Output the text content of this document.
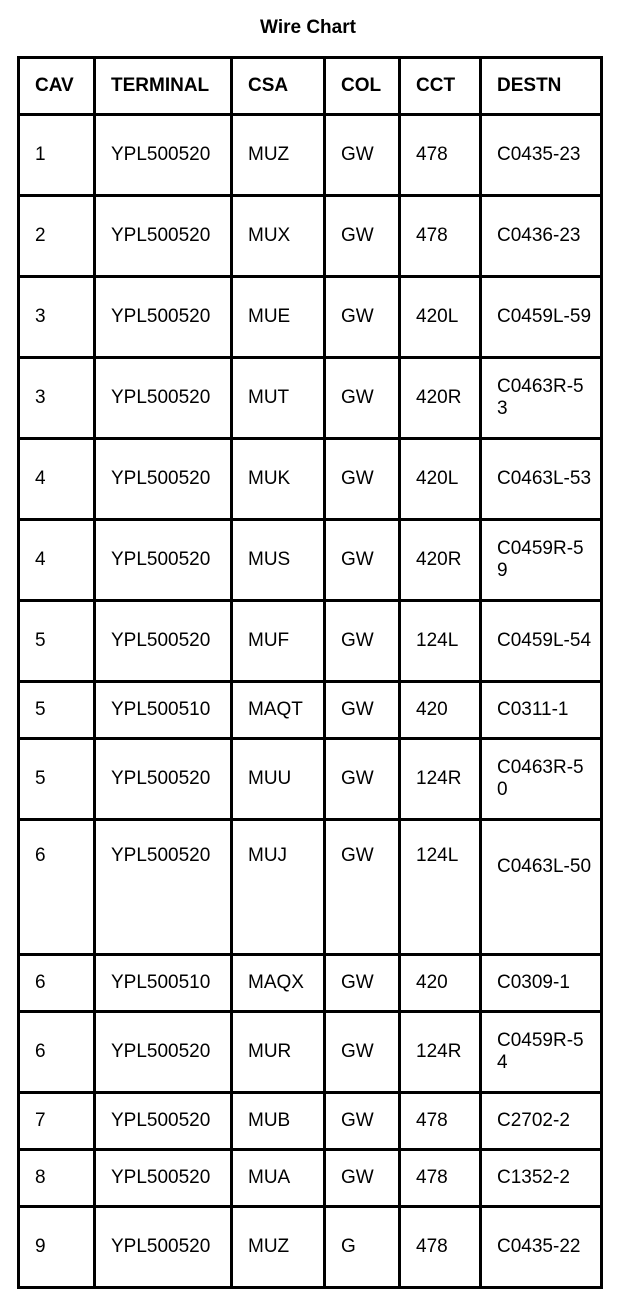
Wire Chart
CAV	TERMINAL	CSA	COL	CCT	DESTN
1	YPL500520	MUZ	GW	478	C0435-23
2	YPL500520	MUX	GW	478	C0436-23
3	YPL500520	MUE	GW	420L	C0459L-59
3	YPL500520	MUT	GW	420R	C0463R-53
4	YPL500520	MUK	GW	420L	C0463L-53
4	YPL500520	MUS	GW	420R	C0459R-59
5	YPL500520	MUF	GW	124L	C0459L-54
5	YPL500510	MAQT	GW	420	C0311-1
5	YPL500520	MUU	GW	124R	C0463R-50
6	YPL500520	MUJ	GW	124L	C0463L-50
6	YPL500510	MAQX	GW	420	C0309-1
6	YPL500520	MUR	GW	124R	C0459R-54
7	YPL500520	MUB	GW	478	C2702-2
8	YPL500520	MUA	GW	478	C1352-2
9	YPL500520	MUZ	G	478	C0435-22
